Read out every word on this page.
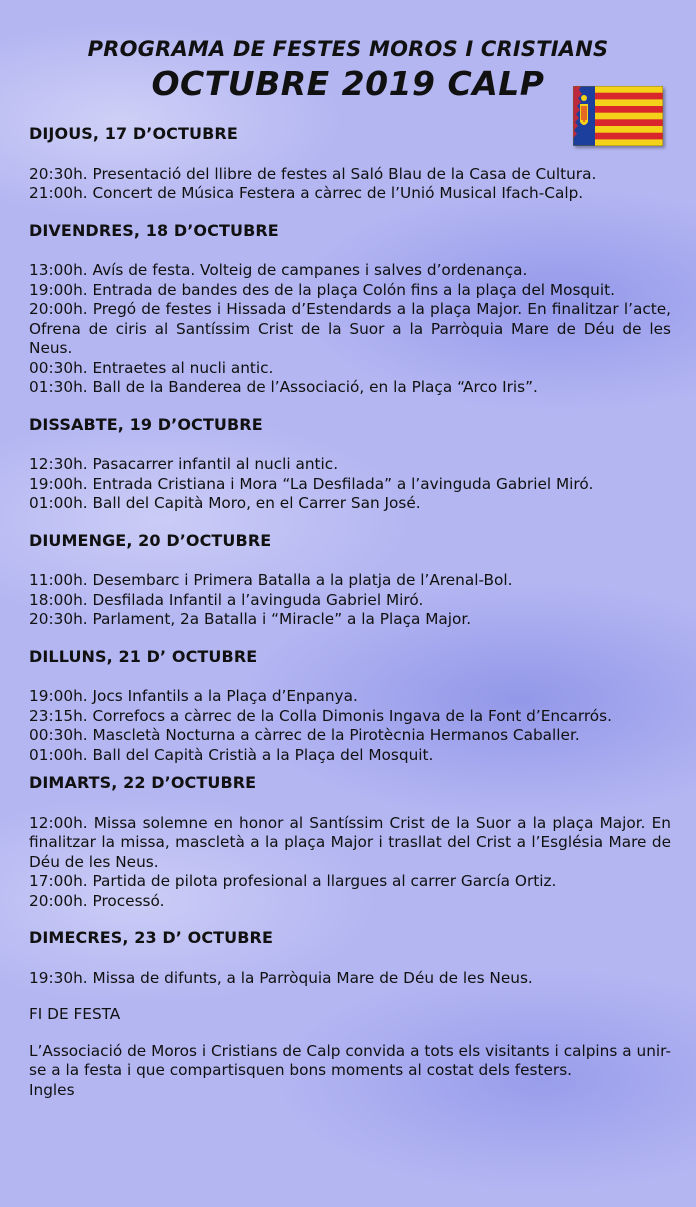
PROGRAMA DE FESTES MOROS I CRISTIANS
OCTUBRE 2019 CALP

DIJOUS, 17 D’OCTUBRE

20:30h. Presentació del llibre de festes al Saló Blau de la Casa de Cultura.

21:00h. Concert de Música Festera a càrrec de l’Unió Musical Ifach-Calp.

DIVENDRES, 18 D’OCTUBRE

13:00h. Avís de festa. Volteig de campanes i salves d’ordenança.

19:00h. Entrada de bandes des de la plaça Colón fins a la plaça del Mosquit.

20:00h. Pregó de festes i Hissada d’Estendards a la plaça Major. En finalitzar l’acte, Ofrena de ciris al Santíssim Crist de la Suor a la Parròquia Mare de Déu de les Neus.

00:30h. Entraetes al nucli antic.

01:30h. Ball de la Banderea de l’Associació, en la Plaça “Arco Iris”.

DISSABTE, 19 D’OCTUBRE

12:30h. Pasacarrer infantil al nucli antic.

19:00h. Entrada Cristiana i Mora “La Desfilada” a l’avinguda Gabriel Miró.

01:00h. Ball del Capità Moro, en el Carrer San José.

DIUMENGE, 20 D’OCTUBRE

11:00h. Desembarc i Primera Batalla a la platja de l’Arenal-Bol.

18:00h. Desfilada Infantil a l’avinguda Gabriel Miró.

20:30h. Parlament, 2a Batalla i “Miracle” a la Plaça Major.

DILLUNS, 21 D’ OCTUBRE

19:00h. Jocs Infantils a la Plaça d’Enpanya.

23:15h. Correfocs a càrrec de la Colla Dimonis Ingava de la Font d’Encarrós.

00:30h. Mascletà Nocturna a càrrec de la Pirotècnia Hermanos Caballer.

01:00h. Ball del Capità Cristià a la Plaça del Mosquit.

DIMARTS, 22 D’OCTUBRE

12:00h. Missa solemne en honor al Santíssim Crist de la Suor a la plaça Major. En finalitzar la missa, mascletà a la plaça Major i trasllat del Crist a l’Església Mare de Déu de les Neus.

17:00h. Partida de pilota profesional a llargues al carrer García Ortiz.

20:00h. Processó.

DIMECRES, 23 D’ OCTUBRE

19:30h. Missa de difunts, a la Parròquia Mare de Déu de les Neus.

FI DE FESTA

L’Associació de Moros i Cristians de Calp convida a tots els visitants i calpins a unir-se a la festa i que compartisquen bons moments al costat dels festers.

Ingles
